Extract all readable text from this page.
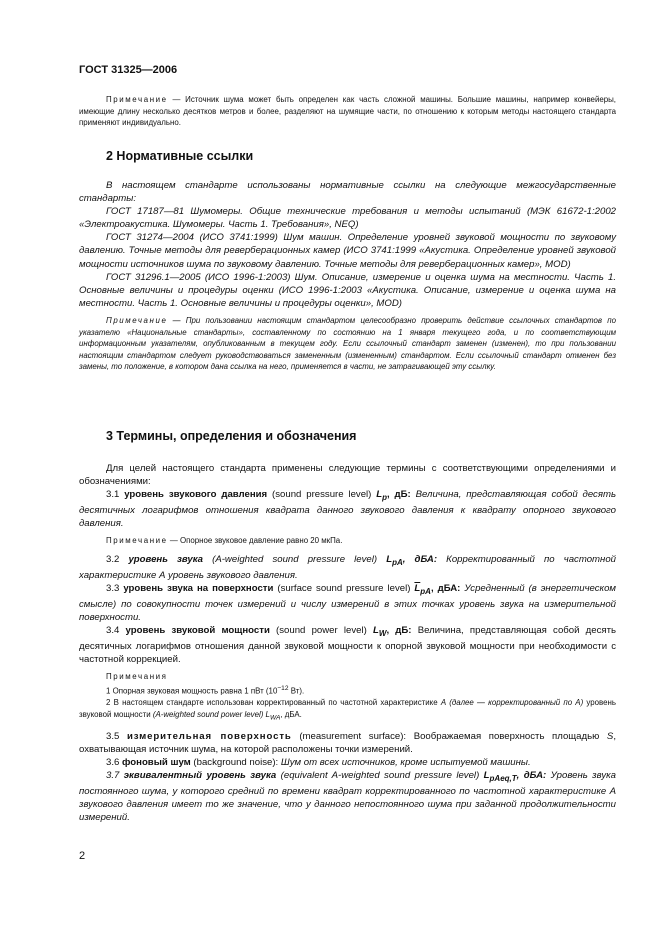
ГОСТ 31325—2006

Примечание — Источник шума может быть определен как часть сложной машины. Большие машины, например конвейеры, имеющие длину несколько десятков метров и более, разделяют на шумящие части, по отношению к которым методы настоящего стандарта применяют индивидуально.

2 Нормативные ссылки

В настоящем стандарте использованы нормативные ссылки на следующие межгосударственные стандарты:

ГОСТ 17187—81 Шумомеры. Общие технические требования и методы испытаний (МЭК 61672-1:2002 «Электроакустика. Шумомеры. Часть 1. Требования», NEQ)

ГОСТ 31274—2004 (ИСО 3741:1999) Шум машин. Определение уровней звуковой мощности по звуковому давлению. Точные методы для реверберационных камер (ИСО 3741:1999 «Акустика. Определение уровней звуковой мощности источников шума по звуковому давлению. Точные методы для реверберационных камер», MOD)

ГОСТ 31296.1—2005 (ИСО 1996-1:2003) Шум. Описание, измерение и оценка шума на местности. Часть 1. Основные величины и процедуры оценки (ИСО 1996-1:2003 «Акустика. Описание, измерение и оценка шума на местности. Часть 1. Основные величины и процедуры оценки», MOD)

Примечание — При пользовании настоящим стандартом целесообразно проверить действие ссылочных стандартов по указателю «Национальные стандарты», составленному по состоянию на 1 января текущего года, и по соответствующим информационным указателям, опубликованным в текущем году. Если ссылочный стандарт заменен (изменен), то при пользовании настоящим стандартом следует руководствоваться замененным (измененным) стандартом. Если ссылочный стандарт отменен без замены, то положение, в котором дана ссылка на него, применяется в части, не затрагивающей эту ссылку.

3 Термины, определения и обозначения

Для целей настоящего стандарта применены следующие термины с соответствующими определениями и обозначениями:

3.1 уровень звукового давления (sound pressure level) $L_p$, дБ: Величина, представляющая собой десять десятичных логарифмов отношения квадрата данного звукового давления к квадрату опорного звукового давления.

Примечание — Опорное звуковое давление равно 20 мкПа.

3.2 уровень звука (A-weighted sound pressure level) $L_{pA}$, дБА: Корректированный по частотной характеристике А уровень звукового давления.

3.3 уровень звука на поверхности (surface sound pressure level) $\overline{L}_{pA}$, дБА: Усредненный (в энергетическом смысле) по совокупности точек измерений и числу измерений в этих точках уровень звука на измерительной поверхности.

3.4 уровень звуковой мощности (sound power level) $L_W$, дБ: Величина, представляющая собой десять десятичных логарифмов отношения данной звуковой мощности к опорной звуковой мощности при необходимости с частотной коррекцией.

Примечания

1 Опорная звуковая мощность равна 1 пВт ($10^{-12}$ Вт).

2 В настоящем стандарте использован корректированный по частотной характеристике А (далее — корректированный по А) уровень звуковой мощности (A-weighted sound power level) $L_{WA}$, дБА.

3.5 измерительная поверхность (measurement surface): Воображаемая поверхность площадью S, охватывающая источник шума, на которой расположены точки измерений.

3.6 фоновый шум (background noise): Шум от всех источников, кроме испытуемой машины.

3.7 эквивалентный уровень звука (equivalent A-weighted sound pressure level) $L_{pAeq,T}$, дБА: Уровень звука постоянного шума, у которого средний по времени квадрат корректированного по частотной характеристике А звукового давления имеет то же значение, что у данного непостоянного шума при заданной продолжительности измерений.

2
